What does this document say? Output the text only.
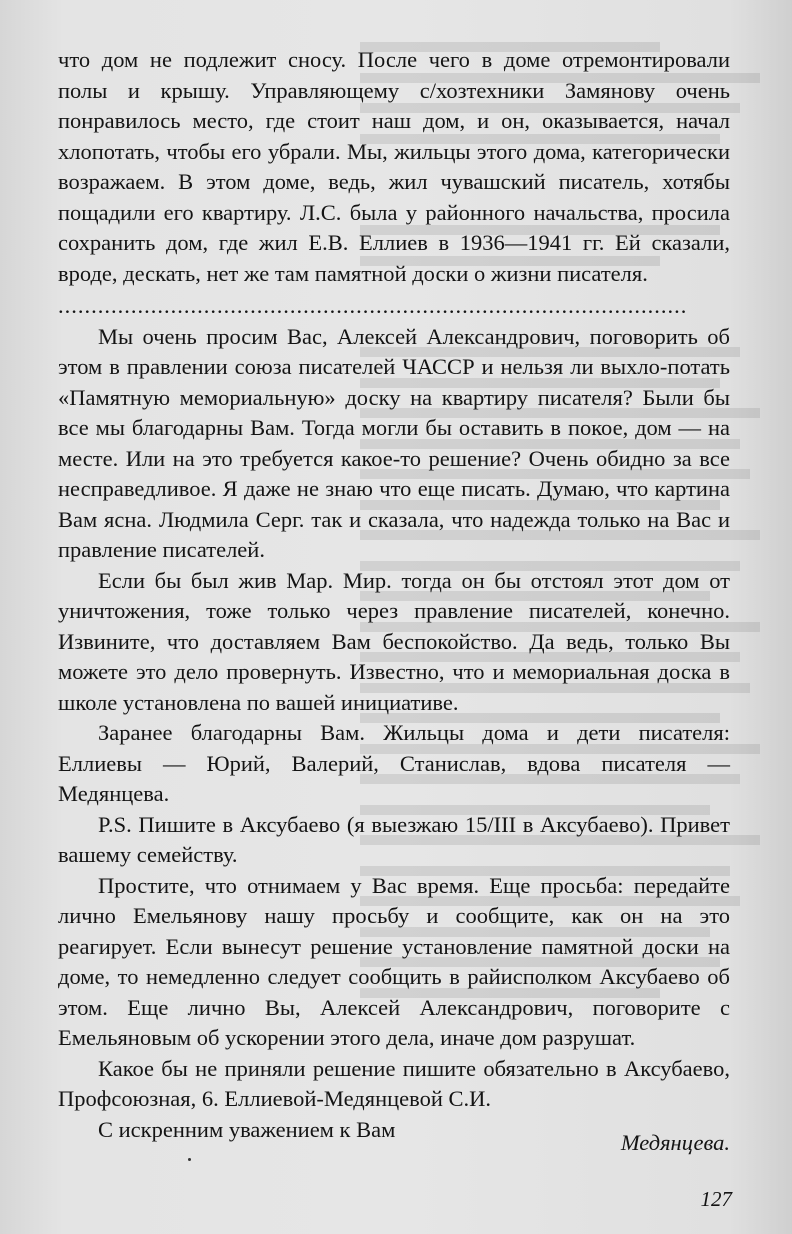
что дом не подлежит сносу. После чего в доме отремонтировали полы и крышу. Управляющему с/хозтехники Замянову очень понравилось место, где стоит наш дом, и он, оказывается, начал хлопотать, чтобы его убрали. Мы, жильцы этого дома, категорически возражаем. В этом доме, ведь, жил чувашский писатель, хотябы пощадили его квартиру. Л.С. была у районного начальства, просила сохранить дом, где жил Е.В. Еллиев в 1936—1941 гг. Ей сказали, вроде, дескать, нет же там памятной доски о жизни писателя.

...............................................................................................

Мы очень просим Вас, Алексей Александрович, поговорить об этом в правлении союза писателей ЧАССР и нельзя ли выхло-потать «Памятную мемориальную» доску на квартиру писателя? Были бы все мы благодарны Вам. Тогда могли бы оставить в покое, дом — на месте. Или на это требуется какое-то решение? Очень обидно за все несправедливое. Я даже не знаю что еще писать. Думаю, что картина Вам ясна. Людмила Серг. так и сказала, что надежда только на Вас и правление писателей.

Если бы был жив Мар. Мир. тогда он бы отстоял этот дом от уничтожения, тоже только через правление писателей, конечно. Извините, что доставляем Вам беспокойство. Да ведь, только Вы можете это дело провернуть. Известно, что и мемориальная доска в школе установлена по вашей инициативе.

Заранее благодарны Вам. Жильцы дома и дети писателя: Еллиевы — Юрий, Валерий, Станислав, вдова писателя — Медянцева.

P.S. Пишите в Аксубаево (я выезжаю 15/III в Аксубаево). Привет вашему семейству.

Простите, что отнимаем у Вас время. Еще просьба: передайте лично Емельянову нашу просьбу и сообщите, как он на это реагирует. Если вынесут решение установление памятной доски на доме, то немедленно следует сообщить в райисполком Аксубаево об этом. Еще лично Вы, Алексей Александрович, поговорите с Емельяновым об ускорении этого дела, иначе дом разрушат.

Какое бы не приняли решение пишите обязательно в Аксубаево, Профсоюзная, 6. Еллиевой-Медянцевой С.И.

С искренним уважением к Вам

Медянцева.
127
